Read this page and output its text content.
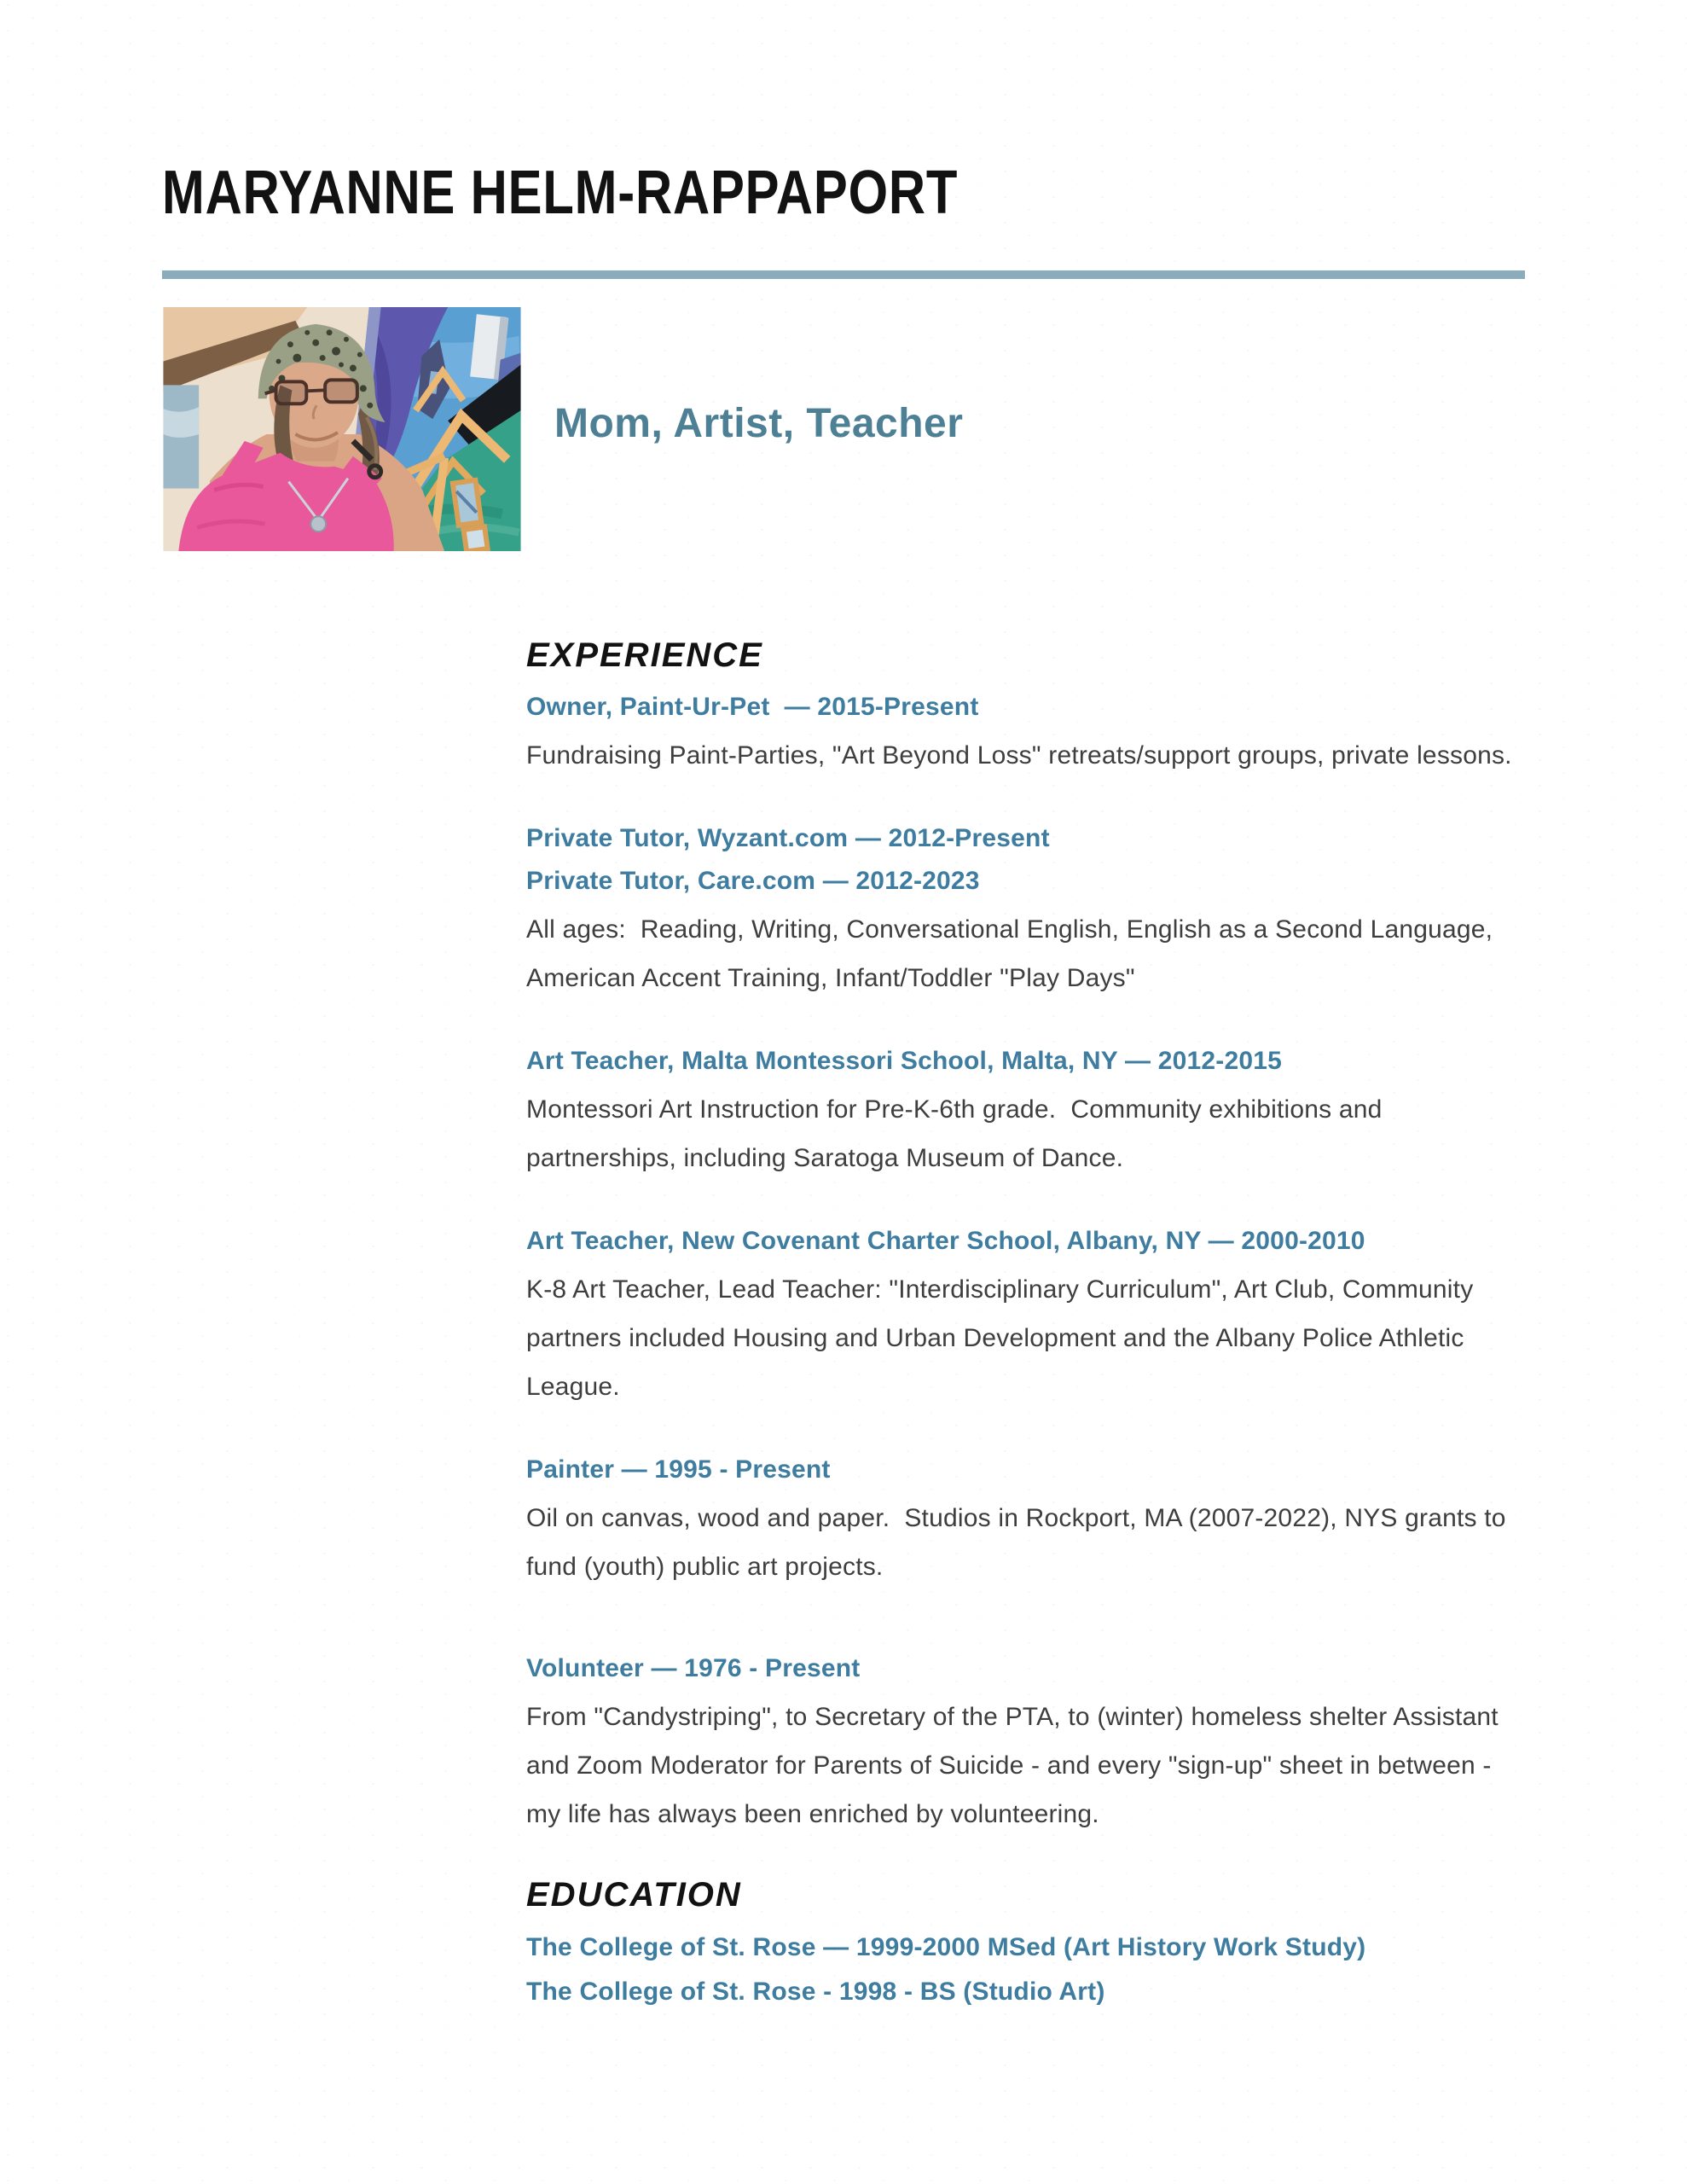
MARYANNE HELM-RAPPAPORT

Mom, Artist, Teacher

EXPERIENCE

Owner, Paint-Ur-Pet  — 2015-Present

Fundraising Paint-Parties, "Art Beyond Loss" retreats/support groups, private lessons.

Private Tutor, Wyzant.com — 2012-Present

Private Tutor, Care.com — 2012-2023

All ages:  Reading, Writing, Conversational English, English as a Second Language, American Accent Training, Infant/Toddler "Play Days"

Art Teacher, Malta Montessori School, Malta, NY — 2012-2015

Montessori Art Instruction for Pre-K-6th grade.  Community exhibitions and partnerships, including Saratoga Museum of Dance.

Art Teacher, New Covenant Charter School, Albany, NY — 2000-2010

K-8 Art Teacher, Lead Teacher: "Interdisciplinary Curriculum", Art Club, Community partners included Housing and Urban Development and the Albany Police Athletic League.

Painter — 1995 - Present

Oil on canvas, wood and paper.  Studios in Rockport, MA (2007-2022), NYS grants to fund (youth) public art projects.

Volunteer — 1976 - Present

From "Candystriping", to Secretary of the PTA, to (winter) homeless shelter Assistant and Zoom Moderator for Parents of Suicide - and every "sign-up" sheet in between - my life has always been enriched by volunteering.

EDUCATION

The College of St. Rose — 1999-2000 MSed (Art History Work Study)

The College of St. Rose - 1998 - BS (Studio Art)
